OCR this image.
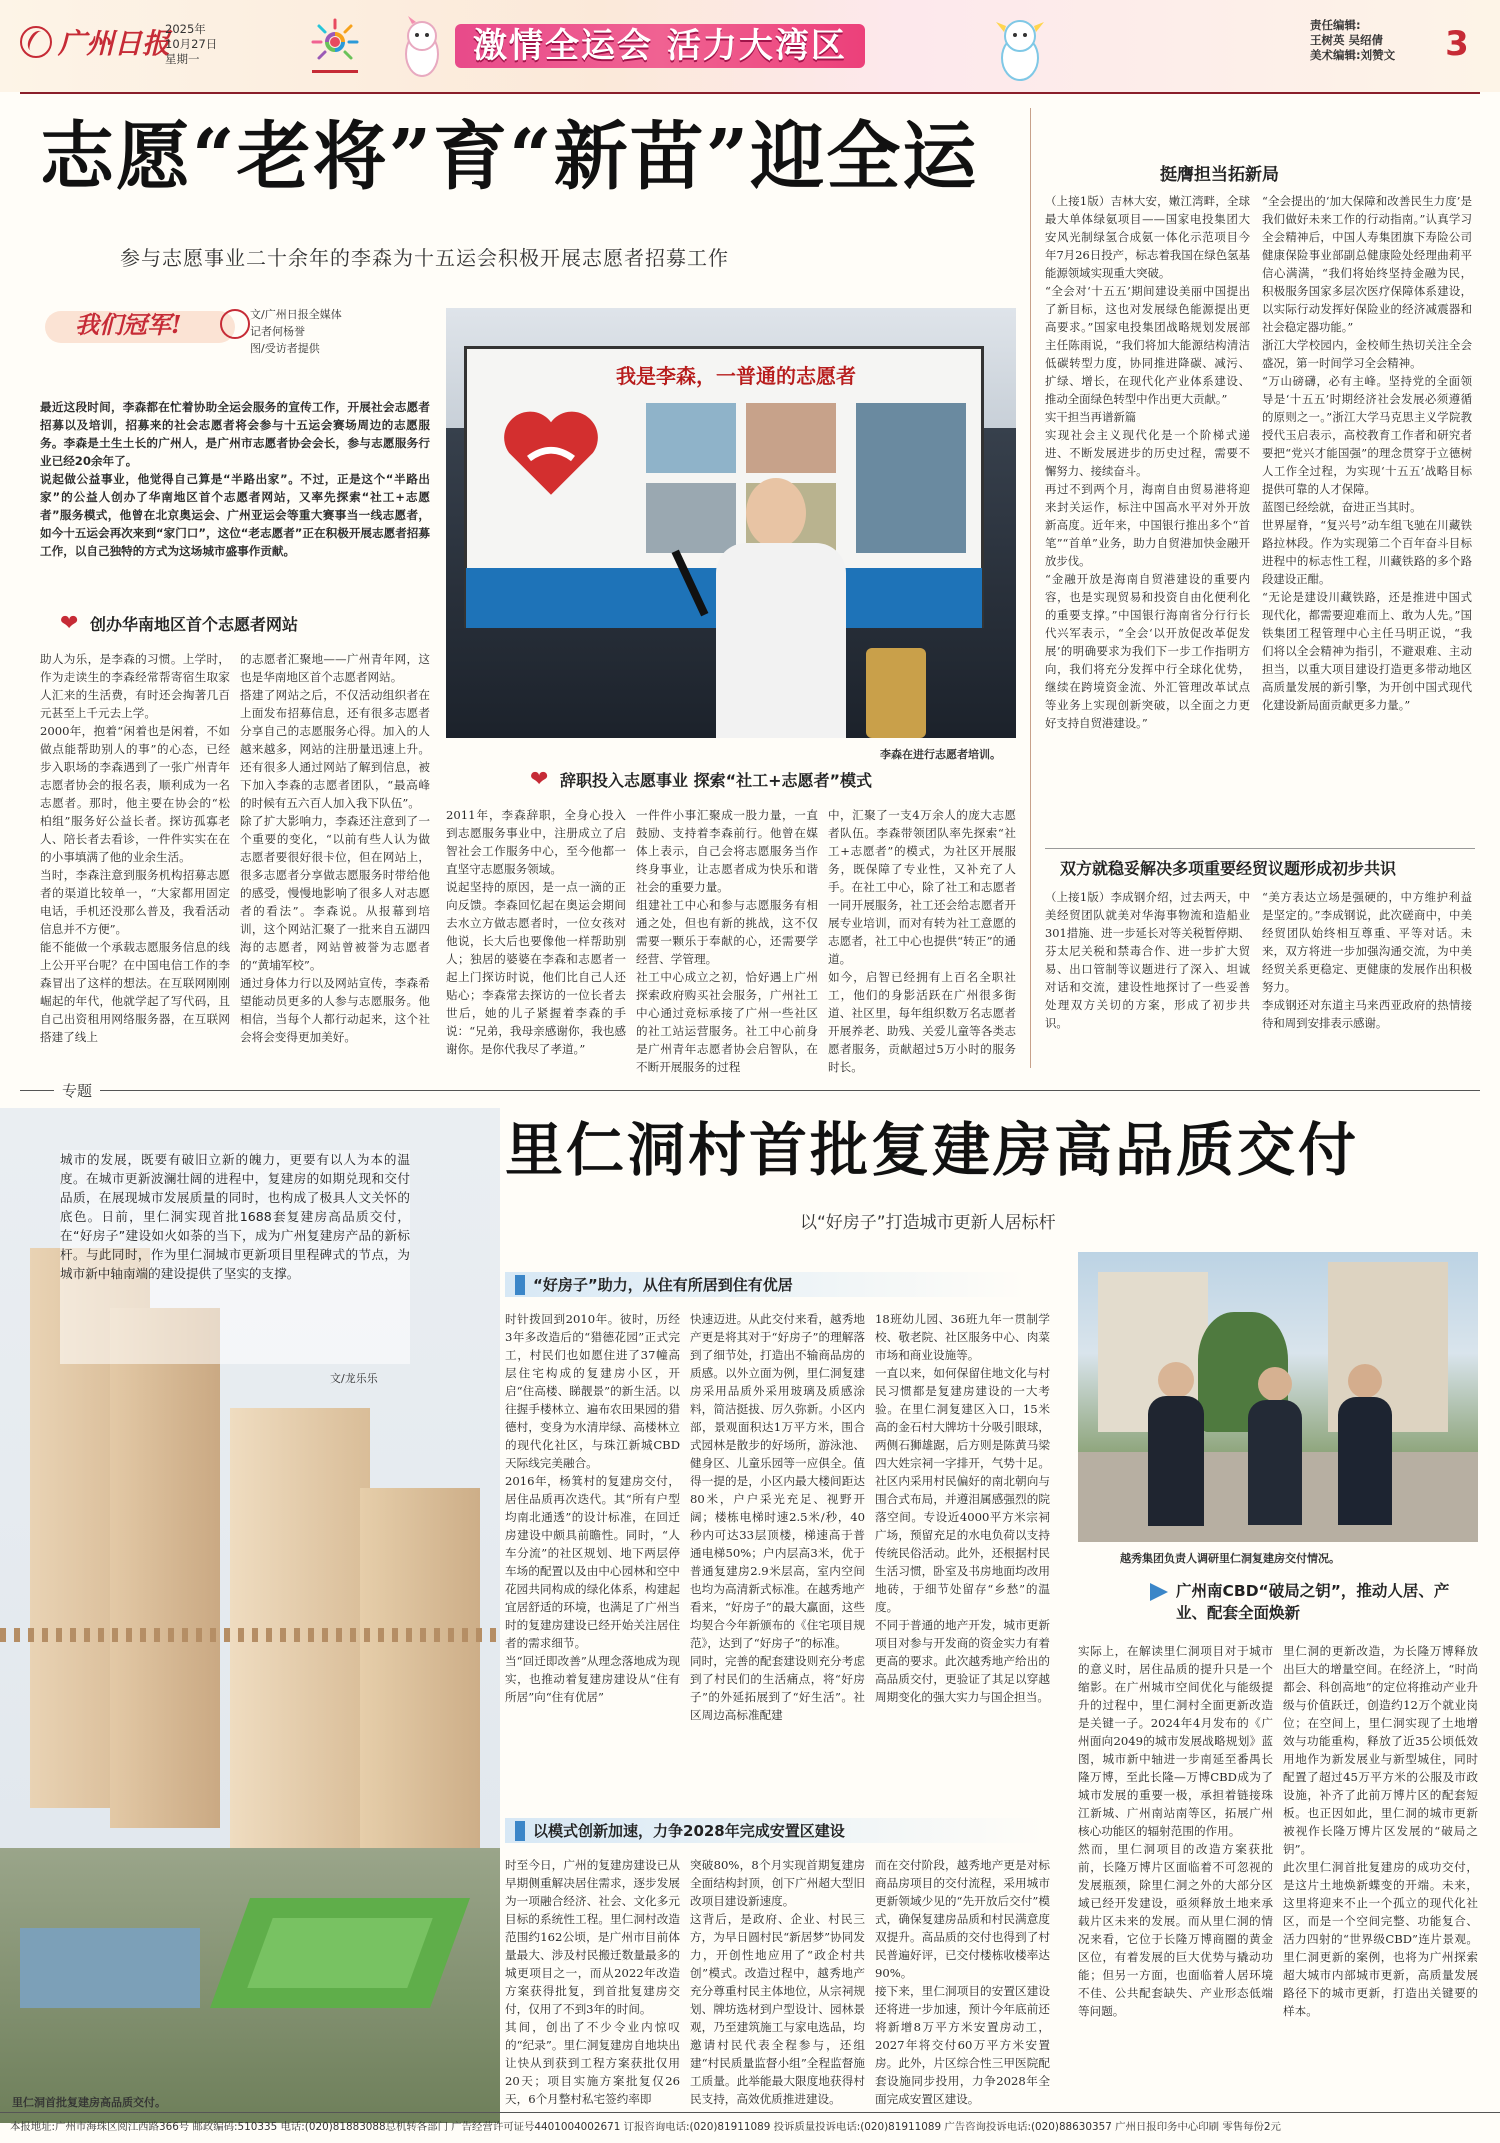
广州日报
2025年
10月27日
星期一	激情全运会 活力大湾区
责任编辑:
王树英 吴绍倩
美术编辑:刘赞文 3
志愿“老将”育“新苗”迎全运
参与志愿事业二十余年的李森为十五运会积极开展志愿者招募工作
我们冠军!	文/广州日报全媒体
记者何杨誉
图/受访者提供
最近这段时间，李森都在忙着协助全运会服务的宣传工作，开展社会志愿者招募以及培训，招募来的社会志愿者将会参与十五运会赛场周边的志愿服务。李森是土生土长的广州人，是广州市志愿者协会会长，参与志愿服务行业已经20余年了。
说起做公益事业，他觉得自己算是“半路出家”。不过，正是这个“半路出家”的公益人创办了华南地区首个志愿者网站，又率先探索“社工+志愿者”服务模式，他曾在北京奥运会、广州亚运会等重大赛事当一线志愿者，如今十五运会再次来到“家门口”，这位“老志愿者”正在积极开展志愿者招募工作，以自己独特的方式为这场城市盛事作贡献。
❤ 创办华南地区首个志愿者网站
助人为乐，是李森的习惯。上学时，作为走读生的李森经常帮寄宿生取家人汇来的生活费，有时还会掏著几百元甚至上千元去上学。
2000年，抱着“闲着也是闲着，不如做点能帮助别人的事”的心态，已经步入职场的李森遇到了一张广州青年志愿者协会的报名表，顺利成为一名志愿者。那时，他主要在协会的“松柏组”服务好公益长者。探访孤寡老人、陪长者去看诊，一件件实实在在的小事填满了他的业余生活。
当时，李森注意到服务机构招募志愿者的渠道比较单一，“大家都用固定电话，手机还没那么普及，我看活动信息并不方便”。
能不能做一个承载志愿服务信息的线上公开平台呢？在中国电信工作的李森冒出了这样的想法。在互联网刚刚崛起的年代，他就学起了写代码，且自己出资租用网络服务器，在互联网搭建了线上
的志愿者汇聚地——广州青年网，这也是华南地区首个志愿者网站。
搭建了网站之后，不仅活动组织者在上面发布招募信息，还有很多志愿者分享自己的志愿服务心得。加入的人越来越多，网站的注册量迅速上升。还有很多人通过网站了解到信息，被下加入李森的志愿者团队，“最高峰的时候有五六百人加入我下队伍”。
除了扩大影响力，李森还注意到了一个重要的变化，“以前有些人认为做志愿者要很好很卡位，但在网站上，很多志愿者分享做志愿服务时带给他的感受，慢慢地影响了很多人对志愿者的看法”。李森说。从报幕到培训，这个网站汇聚了一批来自五湖四海的志愿者，网站曾被誉为志愿者的“黄埔军校”。
通过身体力行以及网站宣传，李森希望能动员更多的人参与志愿服务。他相信，当每个人都行动起来，这个社会将会变得更加美好。
我是李森，一普通的志愿者
李森在进行志愿者培训。
❤ 辞职投入志愿事业 探索“社工+志愿者”模式
2011年，李森辞职，全身心投入到志愿服务事业中，注册成立了启智社会工作服务中心，至今他都一直坚守志愿服务领域。
说起坚持的原因，是一点一滴的正向反馈。李森回忆起在奥运会期间去水立方做志愿者时，一位女孩对他说，长大后也要像他一样帮助别人；独居的婆婆在李森和志愿者一起上门探访时说，他们比自己人还贴心；李森常去探访的一位长者去世后，她的儿子紧握着李森的手说：“兄弟，我母亲感谢你，我也感谢你。是你代我尽了孝道。”
一件件小事汇聚成一股力量，一直鼓励、支持着李森前行。他曾在媒体上表示，自己会将志愿服务当作终身事业，让志愿者成为快乐和谐社会的重要力量。
组建社工中心和参与志愿服务有相通之处，但也有新的挑战，这不仅需要一颗乐于奉献的心，还需要学经营、学管理。
社工中心成立之初，恰好遇上广州探索政府购买社会服务，广州社工中心通过竞标承接了广州一些社区的社工站运营服务。社工中心前身是广州青年志愿者协会启智队，在不断开展服务的过程
中，汇聚了一支4万余人的庞大志愿者队伍。李森带领团队率先探索“社工+志愿者”的模式，为社区开展服务，既保障了专业性，又补充了人手。在社工中心，除了社工和志愿者一同开展服务，社工还会给志愿者开展专业培训，而对有转为社工意愿的志愿者，社工中心也提供“转正”的通道。
如今，启智已经拥有上百名全职社工，他们的身影活跃在广州很多街道、社区里，每年组织数万名志愿者开展养老、助残、关爱儿童等各类志愿者服务，贡献超过5万小时的服务时长。
挺膺担当拓新局
（上接1版）吉林大安，嫩江湾畔，全球最大单体绿氨项目——国家电投集团大安风光制绿氢合成氨一体化示范项目今年7月26日投产，标志着我国在绿色氢基能源领域实现重大突破。
“全会对‘十五五’期间建设美丽中国提出了新目标，这也对发展绿色能源提出更高要求。”国家电投集团战略规划发展部主任陈雨说，“我们将加大能源结构清洁低碳转型力度，协同推进降碳、减污、扩绿、增长，在现代化产业体系建设、推动全面绿色转型中作出更大贡献。”
实干担当再谱新篇
实现社会主义现代化是一个阶梯式递进、不断发展进步的历史过程，需要不懈努力、接续奋斗。
再过不到两个月，海南自由贸易港将迎来封关运作，标注中国高水平对外开放新高度。近年来，中国银行推出多个“首笔”“首单”业务，助力自贸港加快金融开放步伐。
“金融开放是海南自贸港建设的重要内容，也是实现贸易和投资自由化便利化的重要支撑。”中国银行海南省分行行长代兴军表示，“全会‘以开放促改革促发展’的明确要求为我们下一步工作指明方向，我们将充分发挥中行全球化优势，继续在跨境资金流、外汇管理改革试点等业务上实现创新突破，以全面之力更好支持自贸港建设。”
“全会提出的‘加大保障和改善民生力度’是我们做好未来工作的行动指南。”认真学习全会精神后，中国人寿集团旗下寿险公司健康保险事业部副总健康险处经理曲莉平信心满满，“我们将始终坚持金融为民，积极服务国家多层次医疗保障体系建设，以实际行动发挥好保险业的经济减震器和社会稳定器功能。”
浙江大学校园内，金校师生热切关注全会盛况，第一时间学习全会精神。
“万山磅礴，必有主峰。坚持党的全面领导是‘十五五’时期经济社会发展必须遵循的原则之一。”浙江大学马克思主义学院教授代玉启表示，高校教育工作者和研究者要把“党兴才能国强”的理念贯穿于立德树人工作全过程，为实现‘十五五’战略目标提供可靠的人才保障。
蓝图已经绘就，奋进正当其时。
世界屋脊，“复兴号”动车组飞驰在川藏铁路拉林段。作为实现第二个百年奋斗目标进程中的标志性工程，川藏铁路的多个路段建设正酣。
“无论是建设川藏铁路，还是推进中国式现代化，都需要迎难而上、敢为人先。”国铁集团工程管理中心主任马明正说，“我们将以全会精神为指引，不避艰难、主动担当，以重大项目建设打造更多带动地区高质量发展的新引擎，为开创中国式现代化建设新局面贡献更多力量。”
双方就稳妥解决多项重要经贸议题形成初步共识
（上接1版）李成钢介绍，过去两天，中美经贸团队就美对华海事物流和造船业301措施、进一步延长对等关税暂停期、芬太尼关税和禁毒合作、进一步扩大贸易、出口管制等议题进行了深入、坦诚对话和交流，建设性地探讨了一些妥善处理双方关切的方案，形成了初步共识。
“美方表达立场是强硬的，中方维护利益是坚定的。”李成钢说，此次磋商中，中美经贸团队始终相互尊重、平等对话。未来，双方将进一步加强沟通交流，为中美经贸关系更稳定、更健康的发展作出积极努力。
李成钢还对东道主马来西亚政府的热情接待和周到安排表示感谢。
专题
城市的发展，既要有破旧立新的魄力，更要有以人为本的温度。在城市更新波澜壮阔的进程中，复建房的如期兑现和交付品质，在展现城市发展质量的同时，也构成了极具人文关怀的底色。日前，里仁洞实现首批1688套复建房高品质交付，在“好房子”建设如火如荼的当下，成为广州复建房产品的新标杆。与此同时，作为里仁洞城市更新项目里程碑式的节点，为城市新中轴南端的建设提供了坚实的支撑。
文/龙乐乐
里仁洞首批复建房高品质交付。
里仁洞村首批复建房高品质交付
以“好房子”打造城市更新人居标杆
“好房子”助力，从住有所居到住有优居
时针拨回到2010年。彼时，历经3年多改造后的“猎德花园”正式完工，村民们也如愿住进了37幢高层住宅构成的复建房小区，开启“住高楼、睇靓景”的新生活。以往握手楼林立、遍布农田果园的猎德村，变身为水清岸绿、高楼林立的现代化社区，与珠江新城CBD天际线完美融合。
2016年，杨箕村的复建房交付，居住品质再次迭代。其“所有户型均南北通透”的设计标准，在回迁房建设中颇具前瞻性。同时，“人车分流”的社区规划、地下两层停车场的配置以及由中心园林和空中花园共同构成的绿化体系，构建起宜居舒适的环境，也满足了广州当时的复建房建设已经开始关注居住者的需求细节。
当“回迁即改善”从理念落地成为现实，也推动着复建房建设从“住有所居”向“住有优居”
快速迈进。从此交付来看，越秀地产更是将其对于“好房子”的理解落到了细节处，打造出不输商品房的质感。以外立面为例，里仁洞复建房采用品质外采用玻璃及质感涂料，简洁挺拔、厉久弥新。小区内部，景观面积达1万平方米，围合式园林是散步的好场所，游泳池、健身区、儿童乐园等一应俱全。值得一提的是，小区内最大楼间距达80米，户户采光充足、视野开阔；楼栋电梯时速2.5米/秒，40秒内可达33层顶楼，梯速高于普通电梯50%；户内层高3米，优于普通复建房2.9米层高，室内空间也均为高清新式标准。在越秀地产看来，“好房子”的最大赢面，这些均契合今年新颁布的《住宅项目规范》，达到了“好房子”的标准。
同时，完善的配套建设则充分考虑到了村民们的生活痛点，将“好房子”的外延拓展到了“好生活”。社区周边高标准配建
18班幼儿园、36班九年一贯制学校、敬老院、社区服务中心、肉菜市场和商业设施等。
一直以来，如何保留住地文化与村民习惯都是复建房建设的一大考验。在里仁洞复建区入口，15米高的金石村大牌坊十分吸引眼球，两侧石狮雄踞，后方则是陈黄马梁四大姓宗祠一字排开，气势十足。社区内采用村民偏好的南北朝向与围合式布局，并遵泪属感强烈的院落空间。专设近4000平方米宗祠广场，预留充足的水电负荷以支持传统民俗活动。此外，还根据村民生活习惯，卧室及书房地面均改用地砖，于细节处留存“乡愁”的温度。
不同于普通的地产开发，城市更新项目对参与开发商的资金实力有着更高的要求。此次越秀地产给出的高品质交付，更验证了其足以穿越周期变化的强大实力与国企担当。
越秀集团负责人调研里仁洞复建房交付情况。
广州南CBD“破局之钥”，推动人居、产业、配套全面焕新
实际上，在解读里仁洞项目对于城市的意义时，居住品质的提升只是一个缩影。在广州城市空间优化与能级提升的过程中，里仁洞村全面更新改造是关键一子。2024年4月发布的《广州面向2049的城市发展战略规划》蓝图，城市新中轴进一步南延至番禺长隆万博，至此长隆—万博CBD成为了城市发展的重要一极，承担着链接珠江新城、广州南站南等区，拓展广州核心功能区的辐射范围的作用。
然而，里仁洞项目的改造方案获批前，长隆万博片区面临着不可忽视的发展瓶颈，除里仁洞之外的大部分区域已经开发建设，亟须释放土地来承载片区未来的发展。而从里仁洞的情况来看，它位于长隆万博商圈的黄金区位，有着发展的巨大优势与撬动功能；但另一方面，也面临着人居环境不佳、公共配套缺失、产业形态低端等问题。
里仁洞的更新改造，为长隆万博释放出巨大的增量空间。在经济上，“时尚都会、科创高地”的定位将推动产业升级与价值跃迁，创造约12万个就业岗位；在空间上，里仁洞实现了土地增效与功能重构，释放了近35公顷低效用地作为新发展业与新型城住，同时配置了超过45万平方米的公服及市政设施，补齐了此前万博片区的配套短板。也正因如此，里仁洞的城市更新被视作长隆万博片区发展的“破局之钥”。
此次里仁洞首批复建房的成功交付，是这片土地焕新蝶变的开端。未来，这里将迎来不止一个孤立的现代化社区，而是一个空间完整、功能复合、活力四射的“世界级CBD”连片景观。里仁洞更新的案例，也将为广州探索超大城市内部城市更新，高质量发展路径下的城市更新，打造出关键要的样本。
以模式创新加速，力争2028年完成安置区建设
时至今日，广州的复建房建设已从早期侧重解决居住需求，逐步发展为一项融合经济、社会、文化多元目标的系统性工程。里仁洞村改造范围约162公顷，是广州市目前体量最大、涉及村民搬迁数量最多的城更项目之一，而从2022年改造方案获得批复，到首批复建房交付，仅用了不到3年的时间。
其间，创出了不少令业内惊叹的“纪录”。里仁洞复建房自地块出让快从到获到工程方案获批仅用20天；项目实施方案批复仅26天，6个月整村私宅签约率即
突破80%，8个月实现首期复建房全面结构封顶，创下广州超大型旧改项目建设新速度。
这背后，是政府、企业、村民三方，为早日圆村民“新居梦”协同发力，开创性地应用了“政企村共创”模式。改造过程中，越秀地产充分尊重村民主体地位，从宗祠规划、牌坊选材到户型设计、园林景观，乃至建筑施工与家电选品，均邀请村民代表全程参与，还组建“村民质量监督小组”全程监督施工质量。此举能最大限度地获得村民支持，高效优质推进建设。
而在交付阶段，越秀地产更是对标商品房项目的交付流程，采用城市更新领域少见的“先开放后交付”模式，确保复建房品质和村民满意度双提升。高品质的交付也得到了村民普遍好评，已交付楼栋收楼率达90%。
接下来，里仁洞项目的安置区建设还将进一步加速，预计今年底前还将新增8万平方米安置房动工，2027年将交付60万平方米安置房。此外，片区综合性三甲医院配套设施同步投用，力争2028年全面完成安置区建设。
本报地址:广州市海珠区阅江西路366号 邮政编码:510335 电话:(020)81883088总机转各部门 广告经营许可证号4401004002671 订报咨询电话:(020)81911089 投诉质量投诉电话:(020)81911089 广告咨询投诉电话:(020)88630357 广州日报印务中心印刷 零售每份2元
